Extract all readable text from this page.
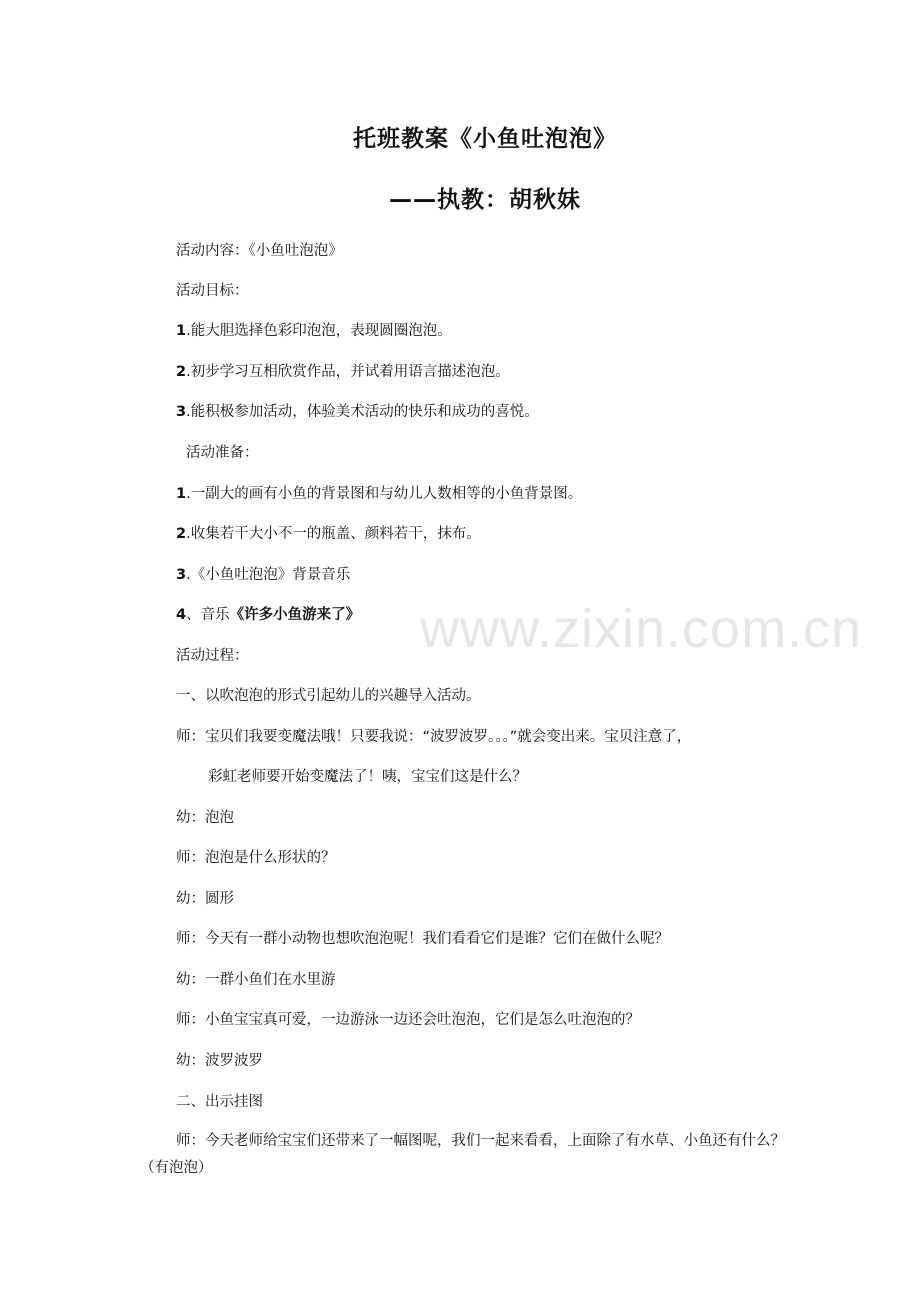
www.zixin.com.cn
托班教案《小鱼吐泡泡》
——执教：胡秋妹

活动内容：《小鱼吐泡泡》

活动目标：

1.能大胆选择色彩印泡泡，表现圆圈泡泡。

2.初步学习互相欣赏作品，并试着用语言描述泡泡。

3.能积极参加活动，体验美术活动的快乐和成功的喜悦。

活动准备：

1.一副大的画有小鱼的背景图和与幼儿人数相等的小鱼背景图。

2.收集若干大小不一的瓶盖、颜料若干，抹布。

3.《小鱼吐泡泡》背景音乐

4、音乐《许多小鱼游来了》

活动过程：

一、以吹泡泡的形式引起幼儿的兴趣导入活动。

师：宝贝们我要变魔法哦！只要我说：“波罗波罗。。。”就会变出来。宝贝注意了，

彩虹老师要开始变魔法了！咦，宝宝们这是什么？

幼：泡泡

师：泡泡是什么形状的？

幼：圆形

师：今天有一群小动物也想吹泡泡呢！我们看看它们是谁？它们在做什么呢？

幼：一群小鱼们在水里游

师：小鱼宝宝真可爱，一边游泳一边还会吐泡泡，它们是怎么吐泡泡的？

幼：波罗波罗

二、出示挂图

师：今天老师给宝宝们还带来了一幅图呢，我们一起来看看，上面除了有水草、小鱼还有什么？（有泡泡）
